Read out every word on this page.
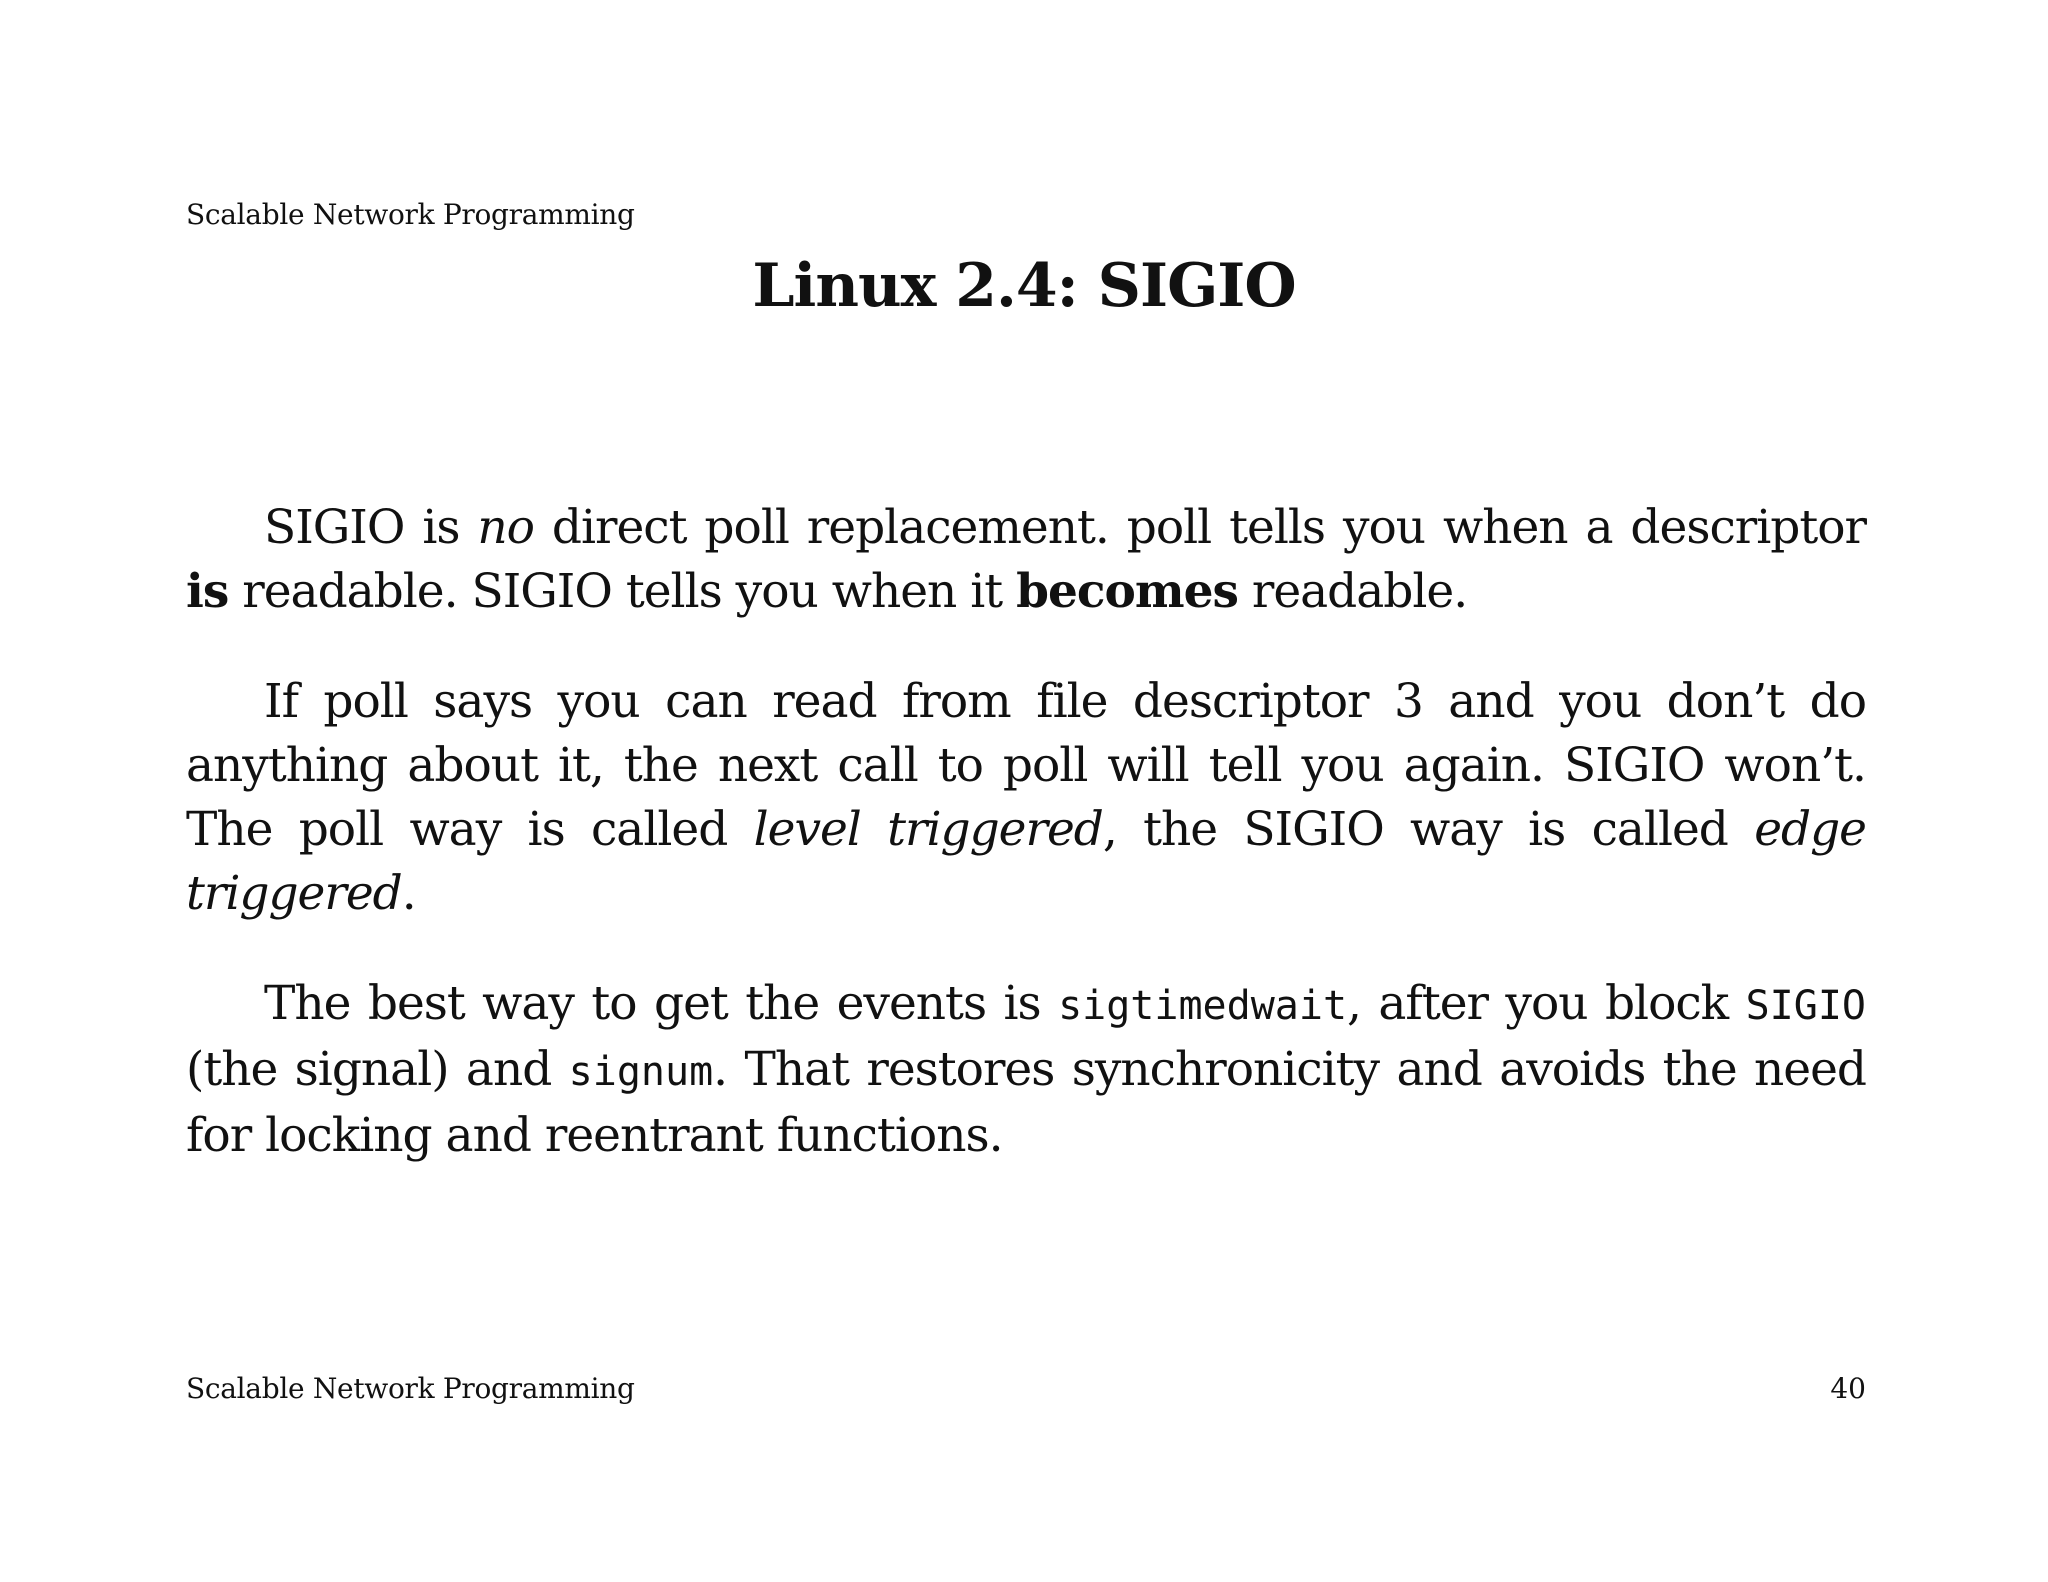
Scalable Network Programming
Linux 2.4: SIGIO

SIGIO is no direct poll replacement. poll tells you when a descriptor is readable. SIGIO tells you when it becomes readable.

If poll says you can read from file descriptor 3 and you don’t do anything about it, the next call to poll will tell you again. SIGIO won’t. The poll way is called level triggered, the SIGIO way is called edge triggered.

The best way to get the events is sigtimedwait, after you block SIGIO (the signal) and signum. That restores synchronicity and avoids the need for locking and reentrant functions.

Scalable Network Programming	40
